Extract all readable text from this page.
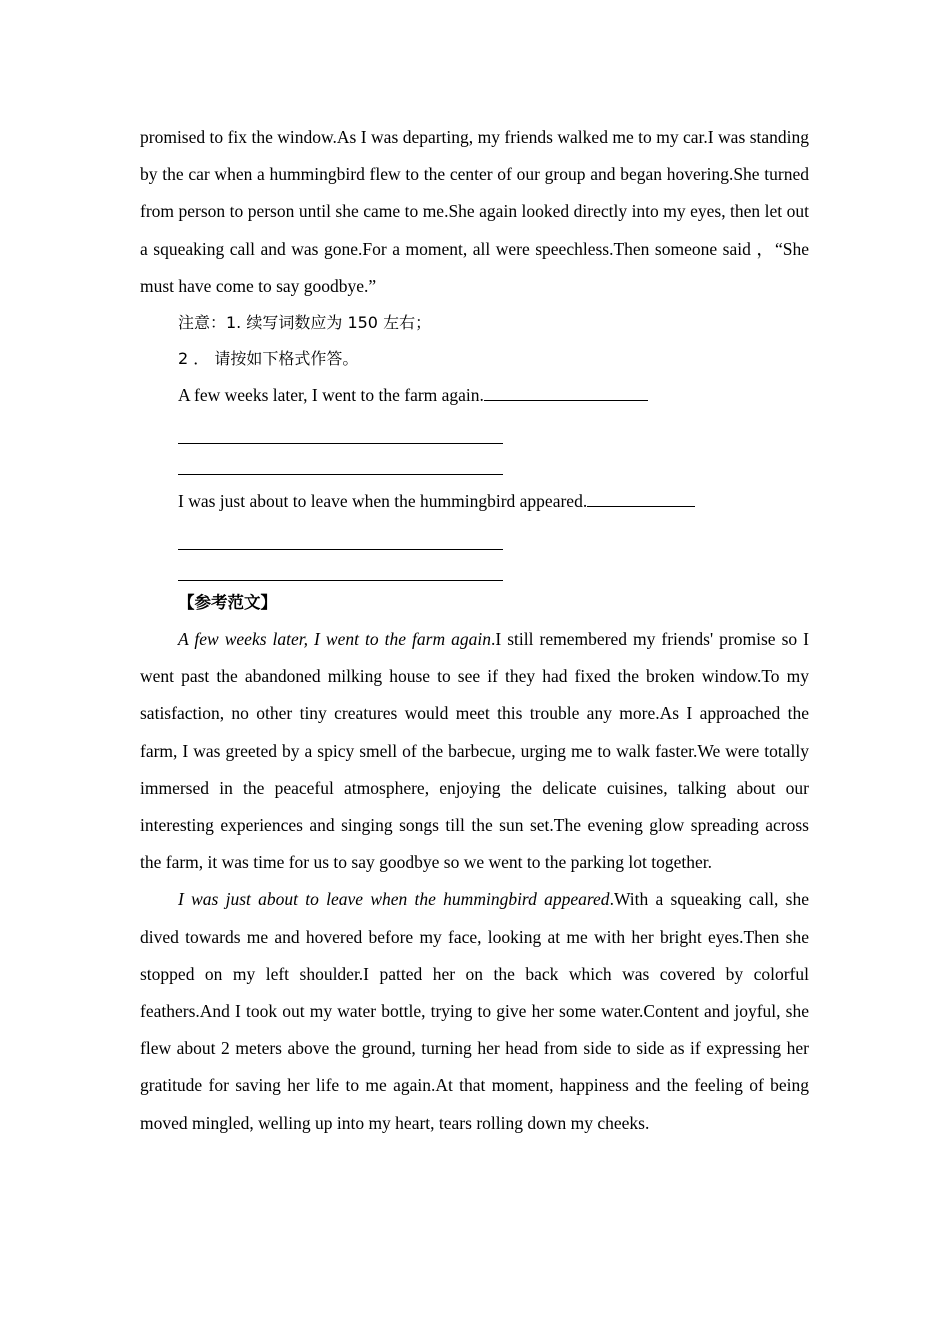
promised to fix the window.As I was departing, my friends walked me to my car.I was standing by the car when a hummingbird flew to the center of our group and began hovering.She turned from person to person until she came to me.She again looked directly into my eyes, then let out a squeaking call and was gone.For a moment, all were speechless.Then someone said ，“She must have come to say goodbye.”

注意：1. 续写词数应为 150 左右；

2 ． 请按如下格式作答。

A few weeks later, I went to the farm again.

I was just about to leave when the hummingbird appeared.

【参考范文】

A few weeks later, I went to the farm again.I still remembered my friends' promise so I went past the abandoned milking house to see if they had fixed the broken window.To my satisfaction, no other tiny creatures would meet this trouble any more.As I approached the farm, I was greeted by a spicy smell of the barbecue, urging me to walk faster.We were totally immersed in the peaceful atmosphere, enjoying the delicate cuisines, talking about our interesting experiences and singing songs till the sun set.The evening glow spreading across the farm, it was time for us to say goodbye so we went to the parking lot together.

I was just about to leave when the hummingbird appeared.With a squeaking call, she dived towards me and hovered before my face, looking at me with her bright eyes.Then she stopped on my left shoulder.I patted her on the back which was covered by colorful feathers.And I took out my water bottle, trying to give her some water.Content and joyful, she flew about 2 meters above the ground, turning her head from side to side as if expressing her gratitude for saving her life to me again.At that moment, happiness and the feeling of being moved mingled, welling up into my heart, tears rolling down my cheeks.
